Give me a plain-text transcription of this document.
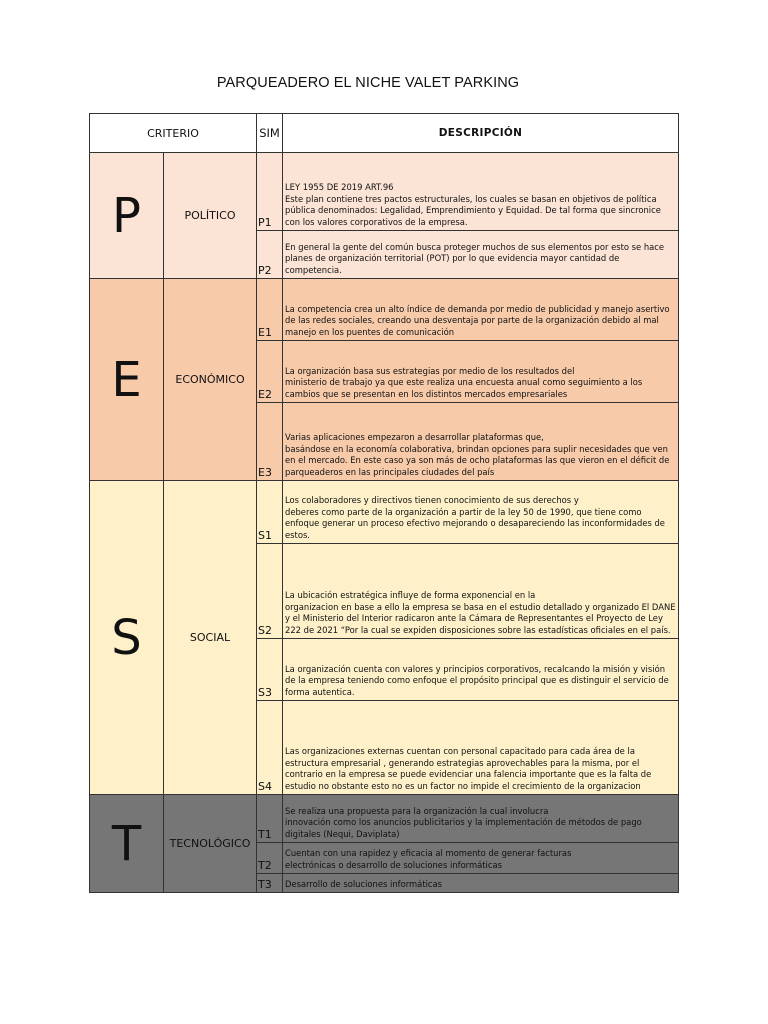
PARQUEADERO EL NICHE VALET PARKING
CRITERIO		SIM	DESCRIPCIÓN
P	POLÍTICO	P1	LEY 1955 DE 2019 ART.96
Este plan contiene tres pactos estructurales, los cuales se basan en objetivos de política pública denominados: Legalidad, Emprendimiento y Equidad. De tal forma que sincronice con los valores corporativos de la empresa.
		P2	En general la gente del común busca proteger muchos de sus elementos por esto se hace planes de organización territorial (POT) por lo que evidencia mayor cantidad de competencia.
E	ECONÓMICO	E1	La competencia crea un alto índice de demanda por medio de publicidad y manejo asertivo de las redes sociales, creando una desventaja por parte de la organización debido al mal manejo en los puentes de comunicación
		E2	La organización basa sus estrategias por medio de los resultados del
ministerio de trabajo ya que este realiza una encuesta anual como seguimiento a los cambios que se presentan en los distintos mercados empresariales
		E3	Varias aplicaciones empezaron a desarrollar plataformas que,
basándose en la economía colaborativa, brindan opciones para suplir necesidades que ven en el mercado. En este caso ya son más de ocho plataformas las que vieron en el déficit de parqueaderos en las principales ciudades del país
S	SOCIAL	S1	Los colaboradores y directivos tienen conocimiento de sus derechos y
deberes como parte de la organización a partir de la ley 50 de 1990, que tiene como enfoque generar un proceso efectivo mejorando o desapareciendo las inconformidades de estos.
		S2	La ubicación estratégica influye de forma exponencial en la
organizacion en base a ello la empresa se basa en el estudio detallado y organizado El DANE y el Ministerio del Interior radicaron ante la Cámara de Representantes el Proyecto de Ley 222 de 2021 “Por la cual se expiden disposiciones sobre las estadísticas oficiales en el país.
		S3	La organización cuenta con valores y principios corporativos, recalcando la misión y visión de la empresa teniendo como enfoque el propósito principal que es distinguir el servicio de forma autentica.
		S4	Las organizaciones externas cuentan con personal capacitado para cada área de la estructura empresarial , generando estrategias aprovechables para la misma, por el contrario en la empresa se puede evidenciar una falencia importante que es la falta de estudio no obstante esto no es un factor no impide el crecimiento de la organizacion
T	TECNOLÓGICO	T1	Se realiza una propuesta para la organización la cual involucra
innovación como los anuncios publicitarios y la implementación de métodos de pago digitales (Nequi, Daviplata)
		T2	Cuentan con una rapidez y eficacia al momento de generar facturas
electrónicas o desarrollo de soluciones informáticas
		T3	Desarrollo de soluciones informáticas
